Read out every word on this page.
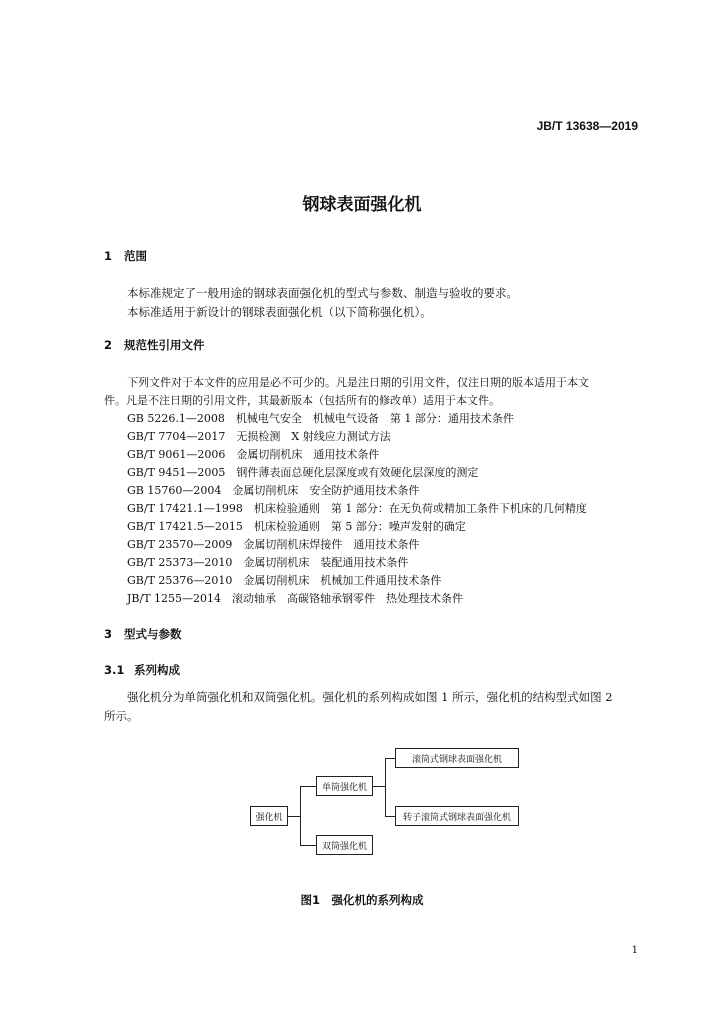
JB/T 13638—2019
钢球表面强化机
1 范围
本标准规定了一般用途的钢球表面强化机的型式与参数、制造与验收的要求。
本标准适用于新设计的钢球表面强化机（以下简称强化机）。
2 规范性引用文件
下列文件对于本文件的应用是必不可少的。凡是注日期的引用文件，仅注日期的版本适用于本文
件。凡是不注日期的引用文件，其最新版本（包括所有的修改单）适用于本文件。
GB 5226.1—2008　机械电气安全　机械电气设备　第 1 部分：通用技术条件
GB/T 7704—2017　无损检测　X 射线应力测试方法
GB/T 9061—2006　金属切削机床　通用技术条件
GB/T 9451—2005　钢件薄表面总硬化层深度或有效硬化层深度的测定
GB 15760—2004　金属切削机床　安全防护通用技术条件
GB/T 17421.1—1998　机床检验通则　第 1 部分：在无负荷或精加工条件下机床的几何精度
GB/T 17421.5—2015　机床检验通则　第 5 部分：噪声发射的确定
GB/T 23570—2009　金属切削机床焊接件　通用技术条件
GB/T 25373—2010　金属切削机床　装配通用技术条件
GB/T 25376—2010　金属切削机床　机械加工件通用技术条件
JB/T 1255—2014　滚动轴承　高碳铬轴承钢零件　热处理技术条件
3 型式与参数
3.1 系列构成
强化机分为单筒强化机和双筒强化机。强化机的系列构成如图 1 所示，强化机的结构型式如图 2
所示。
强化机
单筒强化机
双筒强化机
滚筒式钢球表面强化机
转子滚筒式钢球表面强化机
图1　强化机的系列构成
1
